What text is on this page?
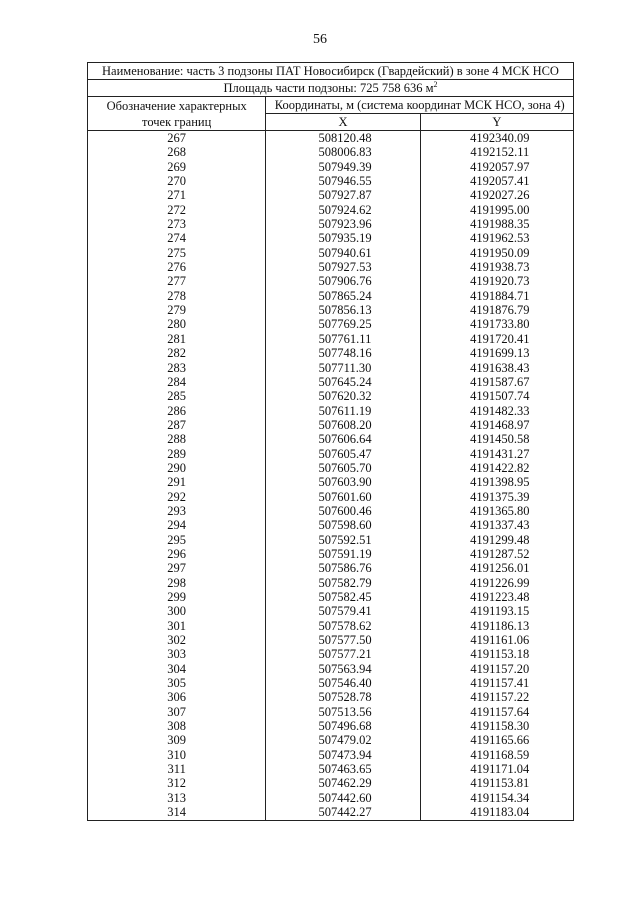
56
Наименование: часть 3 подзоны ПАТ Новосибирск (Гвардейский) в зоне 4 МСК НСО		
Площадь части подзоны: 725 758 636 $м^2$

Обозначение характерных
точек границ	Координаты, м (система координат МСК НСО, зона 4)	
	X	Y
267	508120.48	4192340.09
268	508006.83	4192152.11
269	507949.39	4192057.97
270	507946.55	4192057.41
271	507927.87	4192027.26
272	507924.62	4191995.00
273	507923.96	4191988.35
274	507935.19	4191962.53
275	507940.61	4191950.09
276	507927.53	4191938.73
277	507906.76	4191920.73
278	507865.24	4191884.71
279	507856.13	4191876.79
280	507769.25	4191733.80
281	507761.11	4191720.41
282	507748.16	4191699.13
283	507711.30	4191638.43
284	507645.24	4191587.67
285	507620.32	4191507.74
286	507611.19	4191482.33
287	507608.20	4191468.97
288	507606.64	4191450.58
289	507605.47	4191431.27
290	507605.70	4191422.82
291	507603.90	4191398.95
292	507601.60	4191375.39
293	507600.46	4191365.80
294	507598.60	4191337.43
295	507592.51	4191299.48
296	507591.19	4191287.52
297	507586.76	4191256.01
298	507582.79	4191226.99
299	507582.45	4191223.48
300	507579.41	4191193.15
301	507578.62	4191186.13
302	507577.50	4191161.06
303	507577.21	4191153.18
304	507563.94	4191157.20
305	507546.40	4191157.41
306	507528.78	4191157.22
307	507513.56	4191157.64
308	507496.68	4191158.30
309	507479.02	4191165.66
310	507473.94	4191168.59
311	507463.65	4191171.04
312	507462.29	4191153.81
313	507442.60	4191154.34
314	507442.27	4191183.04
